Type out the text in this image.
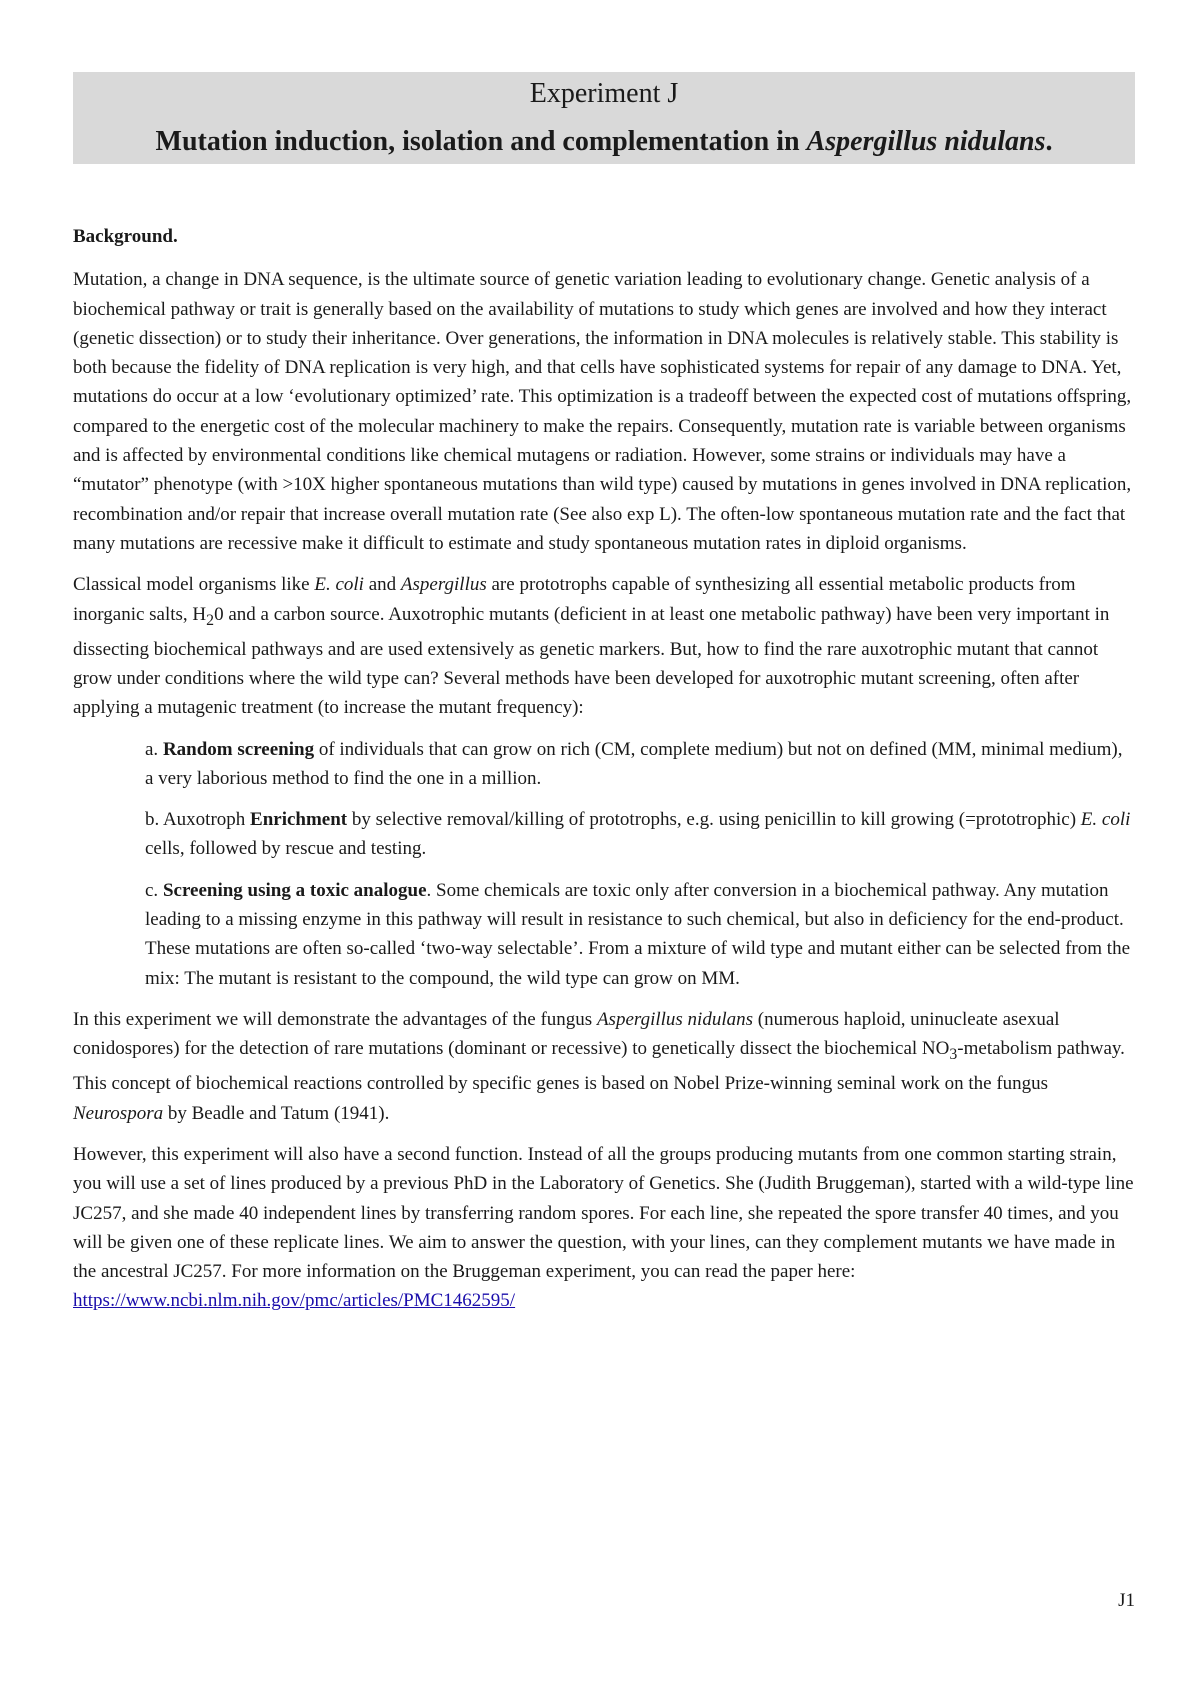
Experiment J
Mutation induction, isolation and complementation in Aspergillus nidulans.

Background.

Mutation, a change in DNA sequence, is the ultimate source of genetic variation leading to evolutionary change. Genetic analysis of a biochemical pathway or trait is generally based on the availability of mutations to study which genes are involved and how they interact (genetic dissection) or to study their inheritance. Over generations, the information in DNA molecules is relatively stable. This stability is both because the fidelity of DNA replication is very high, and that cells have sophisticated systems for repair of any damage to DNA. Yet, mutations do occur at a low ‘evolutionary optimized’ rate. This optimization is a tradeoff between the expected cost of mutations offspring, compared to the energetic cost of the molecular machinery to make the repairs. Consequently, mutation rate is variable between organisms and is affected by environmental conditions like chemical mutagens or radiation. However, some strains or individuals may have a “mutator” phenotype (with >10X higher spontaneous mutations than wild type) caused by mutations in genes involved in DNA replication, recombination and/or repair that increase overall mutation rate (See also exp L). The often-low spontaneous mutation rate and the fact that many mutations are recessive make it difficult to estimate and study spontaneous mutation rates in diploid organisms.

Classical model organisms like E. coli and Aspergillus are prototrophs capable of synthesizing all essential metabolic products from inorganic salts, $H_20$ and a carbon source. Auxotrophic mutants (deficient in at least one metabolic pathway) have been very important in dissecting biochemical pathways and are used extensively as genetic markers. But, how to find the rare auxotrophic mutant that cannot grow under conditions where the wild type can? Several methods have been developed for auxotrophic mutant screening, often after applying a mutagenic treatment (to increase the mutant frequency):

a. Random screening of individuals that can grow on rich (CM, complete medium) but not on defined (MM, minimal medium), a very laborious method to find the one in a million.

b. Auxotroph Enrichment by selective removal/killing of prototrophs, e.g. using penicillin to kill growing (=prototrophic) E. coli cells, followed by rescue and testing.

c. Screening using a toxic analogue. Some chemicals are toxic only after conversion in a biochemical pathway. Any mutation leading to a missing enzyme in this pathway will result in resistance to such chemical, but also in deficiency for the end-product. These mutations are often so-called ‘two-way selectable’. From a mixture of wild type and mutant either can be selected from the mix: The mutant is resistant to the compound, the wild type can grow on MM.

In this experiment we will demonstrate the advantages of the fungus Aspergillus nidulans (numerous haploid, uninucleate asexual conidospores) for the detection of rare mutations (dominant or recessive) to genetically dissect the biochemical $NO_3$-metabolism pathway. This concept of biochemical reactions controlled by specific genes is based on Nobel Prize-winning seminal work on the fungus Neurospora by Beadle and Tatum (1941).

However, this experiment will also have a second function. Instead of all the groups producing mutants from one common starting strain, you will use a set of lines produced by a previous PhD in the Laboratory of Genetics. She (Judith Bruggeman), started with a wild-type line JC257, and she made 40 independent lines by transferring random spores. For each line, she repeated the spore transfer 40 times, and you will be given one of these replicate lines. We aim to answer the question, with your lines, can they complement mutants we have made in the ancestral JC257. For more information on the Bruggeman experiment, you can read the paper here:
https://www.ncbi.nlm.nih.gov/pmc/articles/PMC1462595/

J1
